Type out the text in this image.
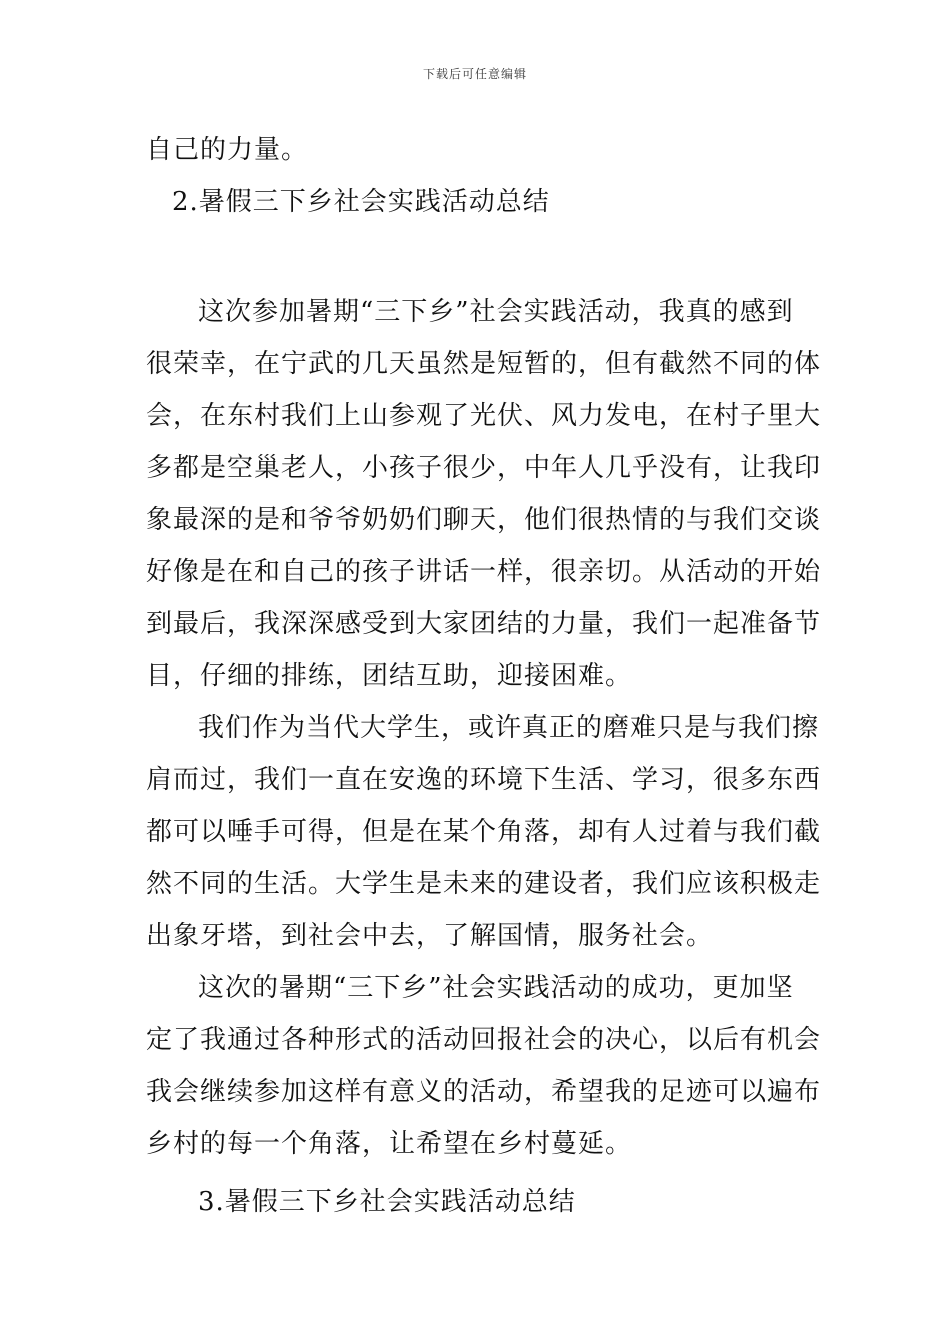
下载后可任意编辑
自己的力量。
2.暑假三下乡社会实践活动总结
这次参加暑期“三下乡”社会实践活动，我真的感到
很荣幸，在宁武的几天虽然是短暂的，但有截然不同的体
会，在东村我们上山参观了光伏、风力发电，在村子里大
多都是空巢老人，小孩子很少，中年人几乎没有，让我印
象最深的是和爷爷奶奶们聊天，他们很热情的与我们交谈
好像是在和自己的孩子讲话一样，很亲切。从活动的开始
到最后，我深深感受到大家团结的力量，我们一起准备节
目，仔细的排练，团结互助，迎接困难。
我们作为当代大学生，或许真正的磨难只是与我们擦
肩而过，我们一直在安逸的环境下生活、学习，很多东西
都可以唾手可得，但是在某个角落，却有人过着与我们截
然不同的生活。大学生是未来的建设者，我们应该积极走
出象牙塔，到社会中去，了解国情，服务社会。
这次的暑期“三下乡”社会实践活动的成功，更加坚
定了我通过各种形式的活动回报社会的决心，以后有机会
我会继续参加这样有意义的活动，希望我的足迹可以遍布
乡村的每一个角落，让希望在乡村蔓延。
3.暑假三下乡社会实践活动总结
